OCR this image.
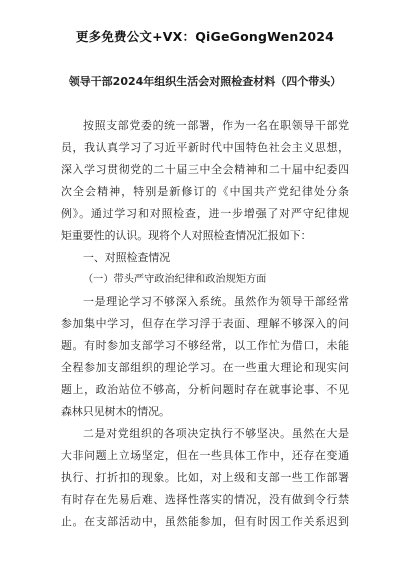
更多免费公文+VX：QiGeGongWen2024
领导干部2024年组织生活会对照检查材料（四个带头）
按照支部党委的统一部署，作为一名在职领导干部党
员，我认真学习了习近平新时代中国特色社会主义思想，
深入学习贯彻党的二十届三中全会精神和二十届中纪委四
次全会精神，特别是新修订的《中国共产党纪律处分条
例》。通过学习和对照检查，进一步增强了对严守纪律规
矩重要性的认识。现将个人对照检查情况汇报如下：
一、对照检查情况
（一）带头严守政治纪律和政治规矩方面
一是理论学习不够深入系统。虽然作为领导干部经常
参加集中学习，但存在学习浮于表面、理解不够深入的问
题。有时参加支部学习不够经常，以工作忙为借口，未能
全程参加支部组织的理论学习。在一些重大理论和现实问
题上，政治站位不够高，分析问题时存在就事论事、不见
森林只见树木的情况。
二是对党组织的各项决定执行不够坚决。虽然在大是
大非问题上立场坚定，但在一些具体工作中，还存在变通
执行、打折扣的现象。比如，对上级和支部一些工作部署
有时存在先易后难、选择性落实的情况，没有做到令行禁
止。在支部活动中，虽然能参加，但有时因工作关系迟到
